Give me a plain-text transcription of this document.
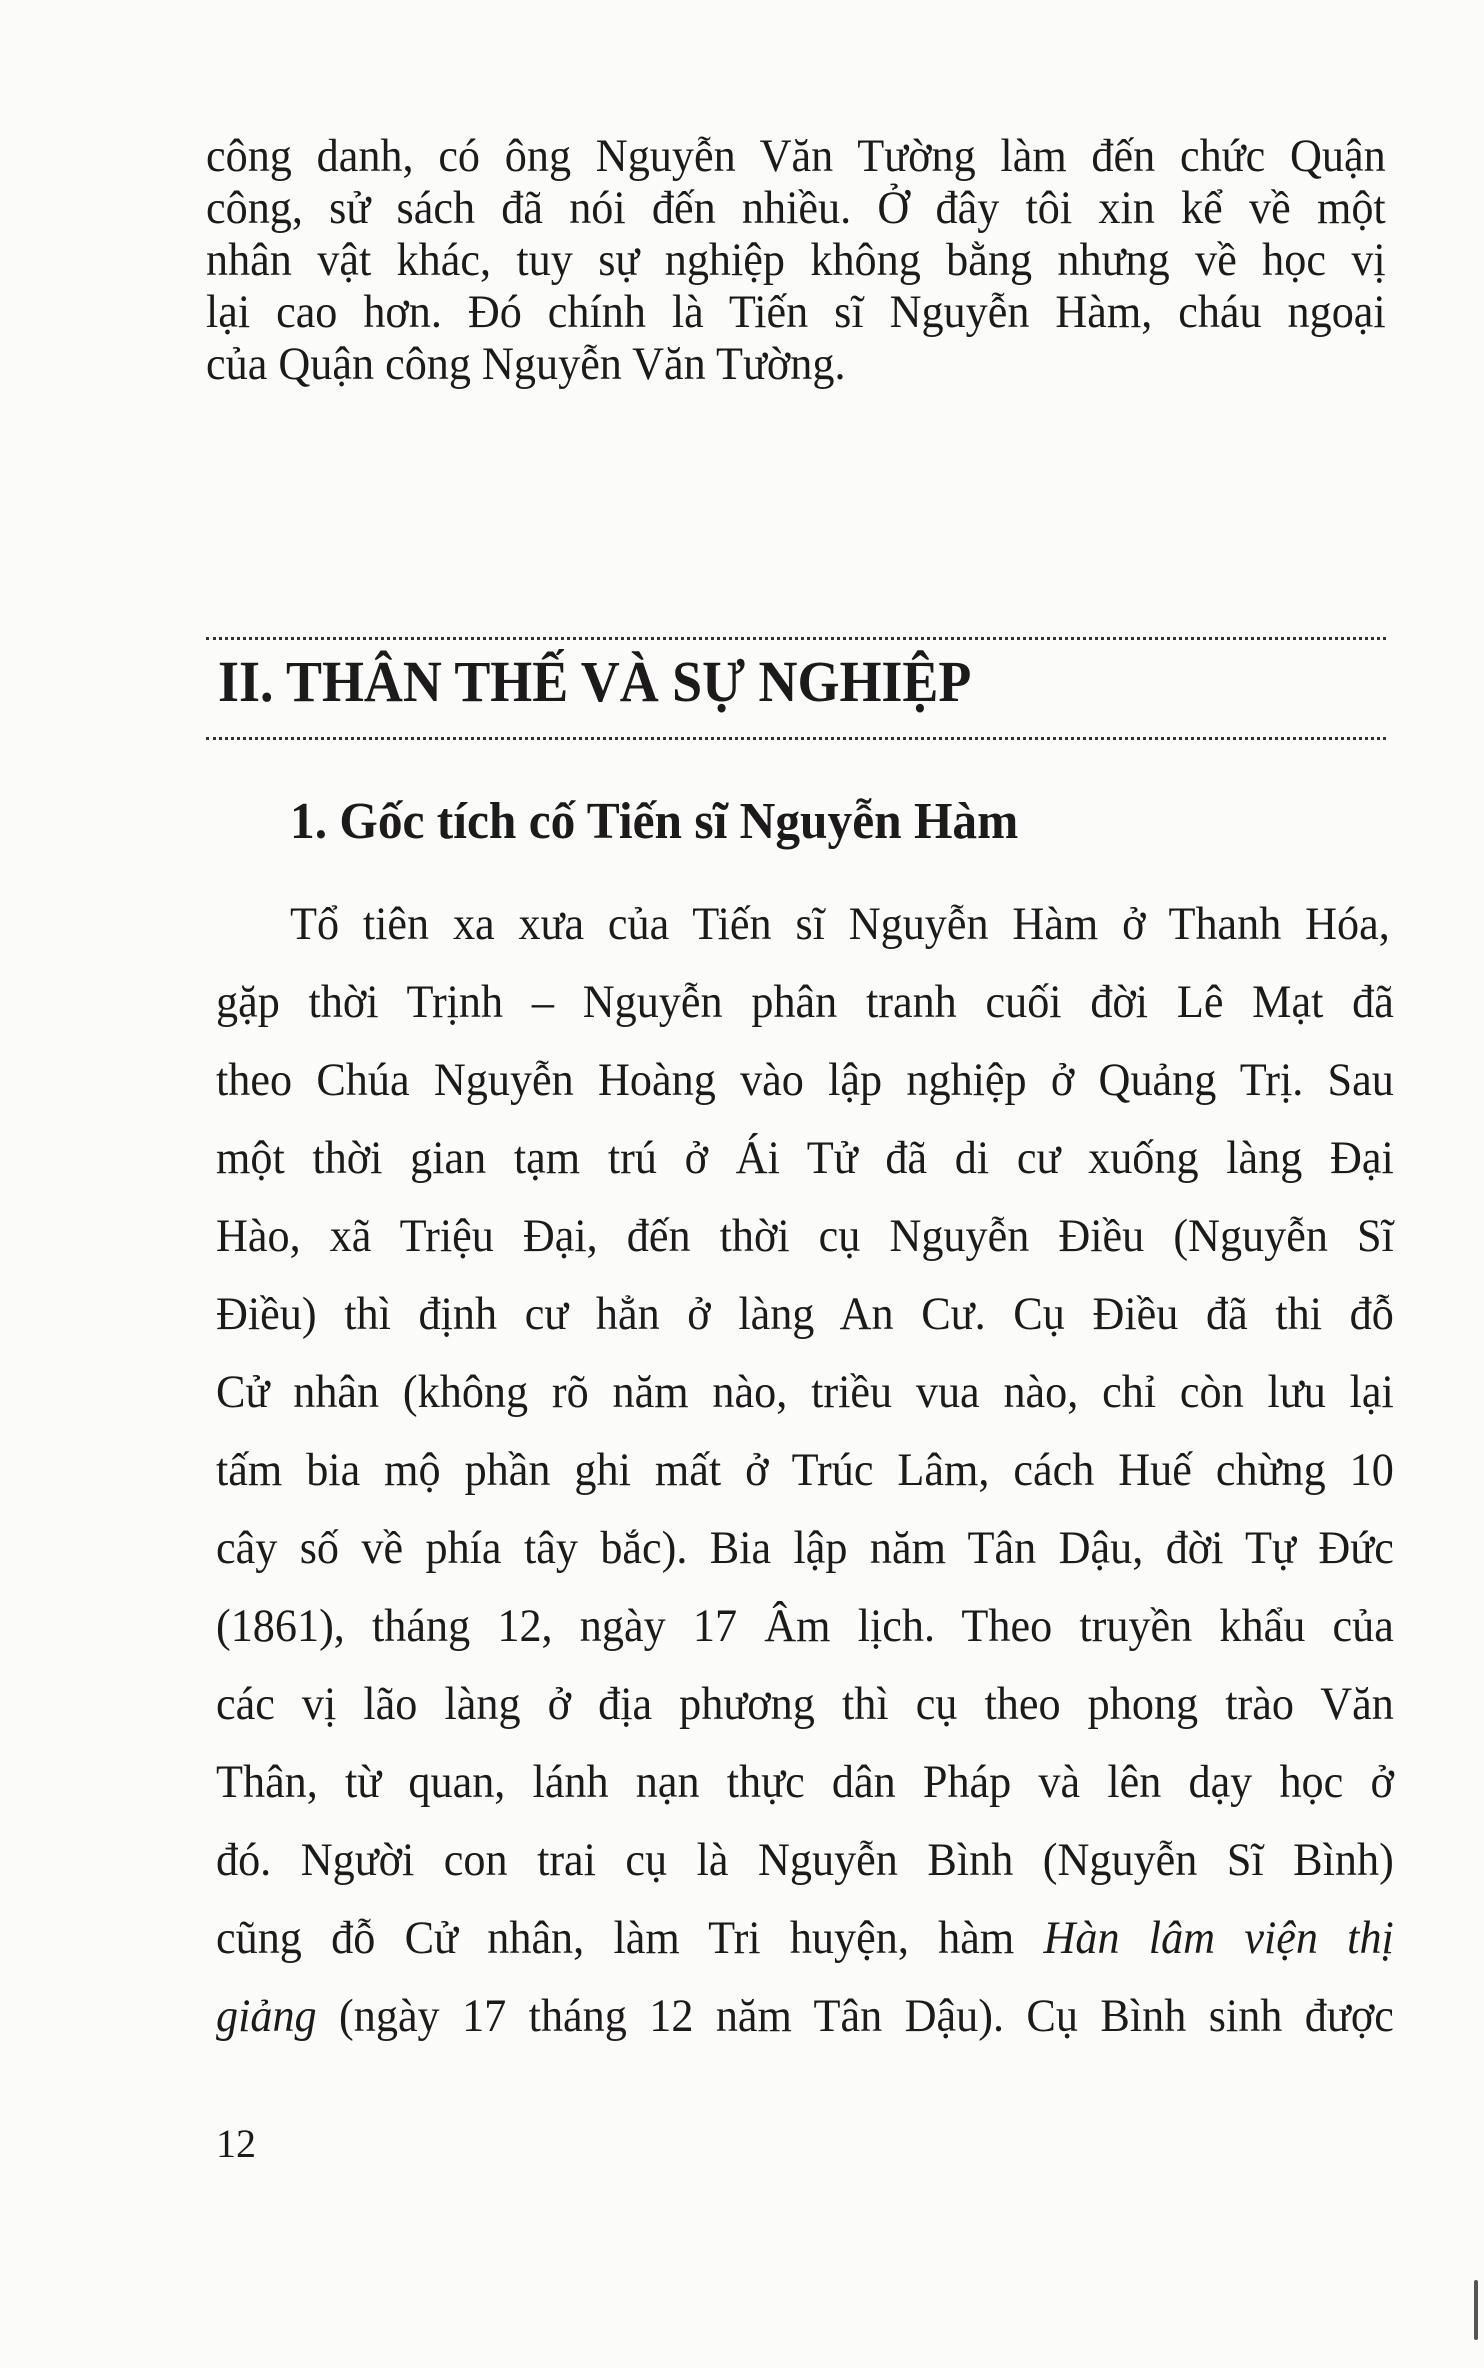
công danh, có ông Nguyễn Văn Tường làm đến chức Quận
công, sử sách đã nói đến nhiều. Ở đây tôi xin kể về một
nhân vật khác, tuy sự nghiệp không bằng nhưng về học vị
lại cao hơn. Đó chính là Tiến sĩ Nguyễn Hàm, cháu ngoại
của Quận công Nguyễn Văn Tường.
II. THÂN THẾ VÀ SỰ NGHIỆP
1. Gốc tích cố Tiến sĩ Nguyễn Hàm
Tổ tiên xa xưa của Tiến sĩ Nguyễn Hàm ở Thanh Hóa,
gặp thời Trịnh – Nguyễn phân tranh cuối đời Lê Mạt đã
theo Chúa Nguyễn Hoàng vào lập nghiệp ở Quảng Trị. Sau
một thời gian tạm trú ở Ái Tử đã di cư xuống làng Đại
Hào, xã Triệu Đại, đến thời cụ Nguyễn Điều (Nguyễn Sĩ
Điều) thì định cư hẳn ở làng An Cư. Cụ Điều đã thi đỗ
Cử nhân (không rõ năm nào, triều vua nào, chỉ còn lưu lại
tấm bia mộ phần ghi mất ở Trúc Lâm, cách Huế chừng 10
cây số về phía tây bắc). Bia lập năm Tân Dậu, đời Tự Đức
(1861), tháng 12, ngày 17 Âm lịch. Theo truyền khẩu của
các vị lão làng ở địa phương thì cụ theo phong trào Văn
Thân, từ quan, lánh nạn thực dân Pháp và lên dạy học ở
đó. Người con trai cụ là Nguyễn Bình (Nguyễn Sĩ Bình)
cũng đỗ Cử nhân, làm Tri huyện, hàm Hàn lâm viện thị
giảng (ngày 17 tháng 12 năm Tân Dậu). Cụ Bình sinh được
12
